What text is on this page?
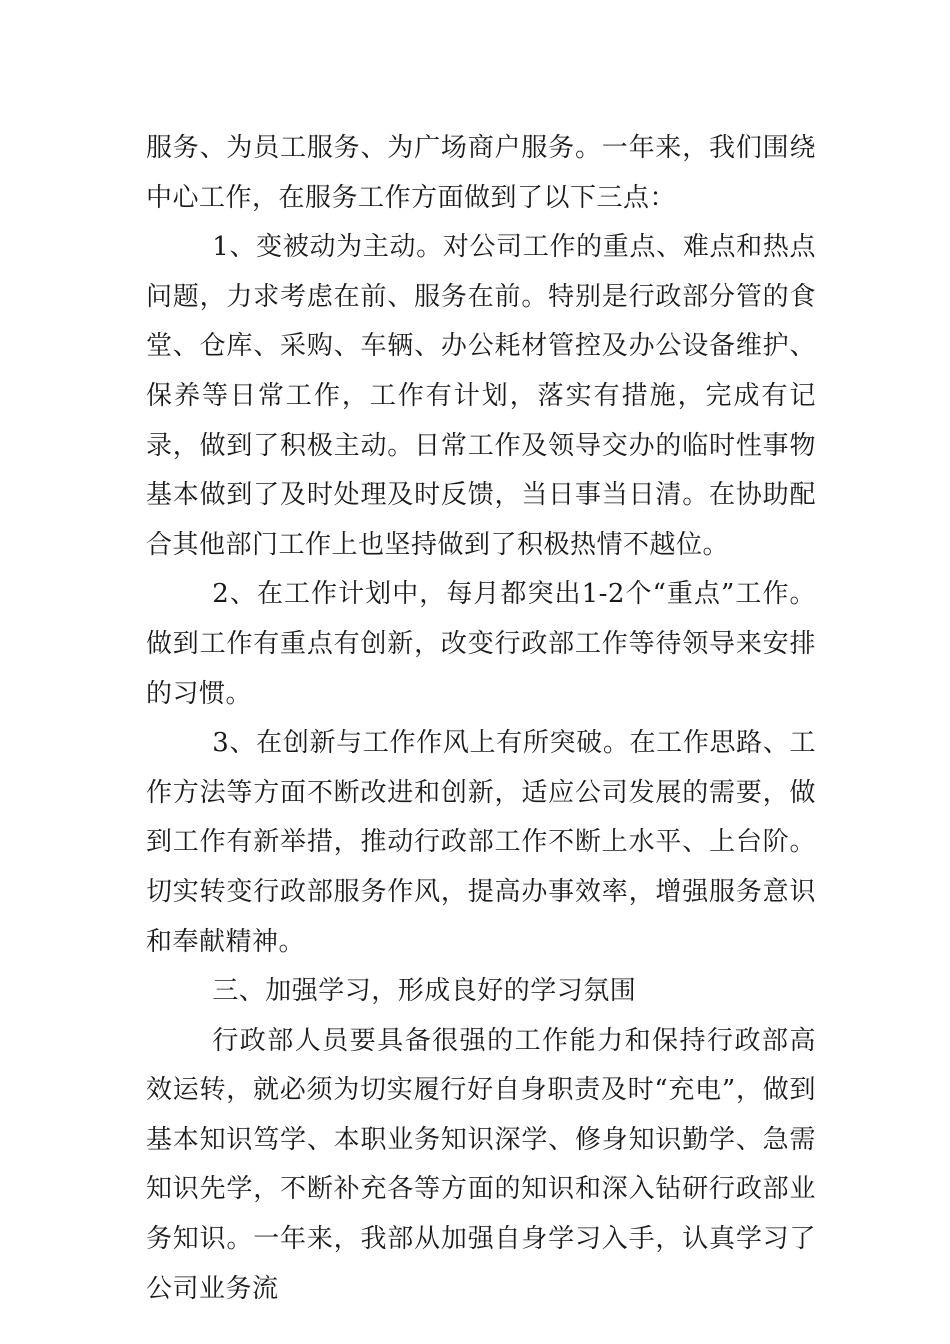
服务、为员工服务、为广场商户服务。一年来，我们围绕中心工作，在服务工作方面做到了以下三点：

1、变被动为主动。对公司工作的重点、难点和热点问题，力求考虑在前、服务在前。特别是行政部分管的食堂、仓库、采购、车辆、办公耗材管控及办公设备维护、保养等日常工作，工作有计划，落实有措施，完成有记录，做到了积极主动。日常工作及领导交办的临时性事物基本做到了及时处理及时反馈，当日事当日清。在协助配合其他部门工作上也坚持做到了积极热情不越位。

2、在工作计划中，每月都突出1-2个“重点”工作。做到工作有重点有创新，改变行政部工作等待领导来安排的习惯。

3、在创新与工作作风上有所突破。在工作思路、工作方法等方面不断改进和创新，适应公司发展的需要，做到工作有新举措，推动行政部工作不断上水平、上台阶。切实转变行政部服务作风，提高办事效率，增强服务意识和奉献精神。

三、加强学习，形成良好的学习氛围

行政部人员要具备很强的工作能力和保持行政部高效运转，就必须为切实履行好自身职责及时“充电”，做到基本知识笃学、本职业务知识深学、修身知识勤学、急需知识先学，不断补充各等方面的知识和深入钻研行政部业务知识。一年来，我部从加强自身学习入手，认真学习了公司业务流
